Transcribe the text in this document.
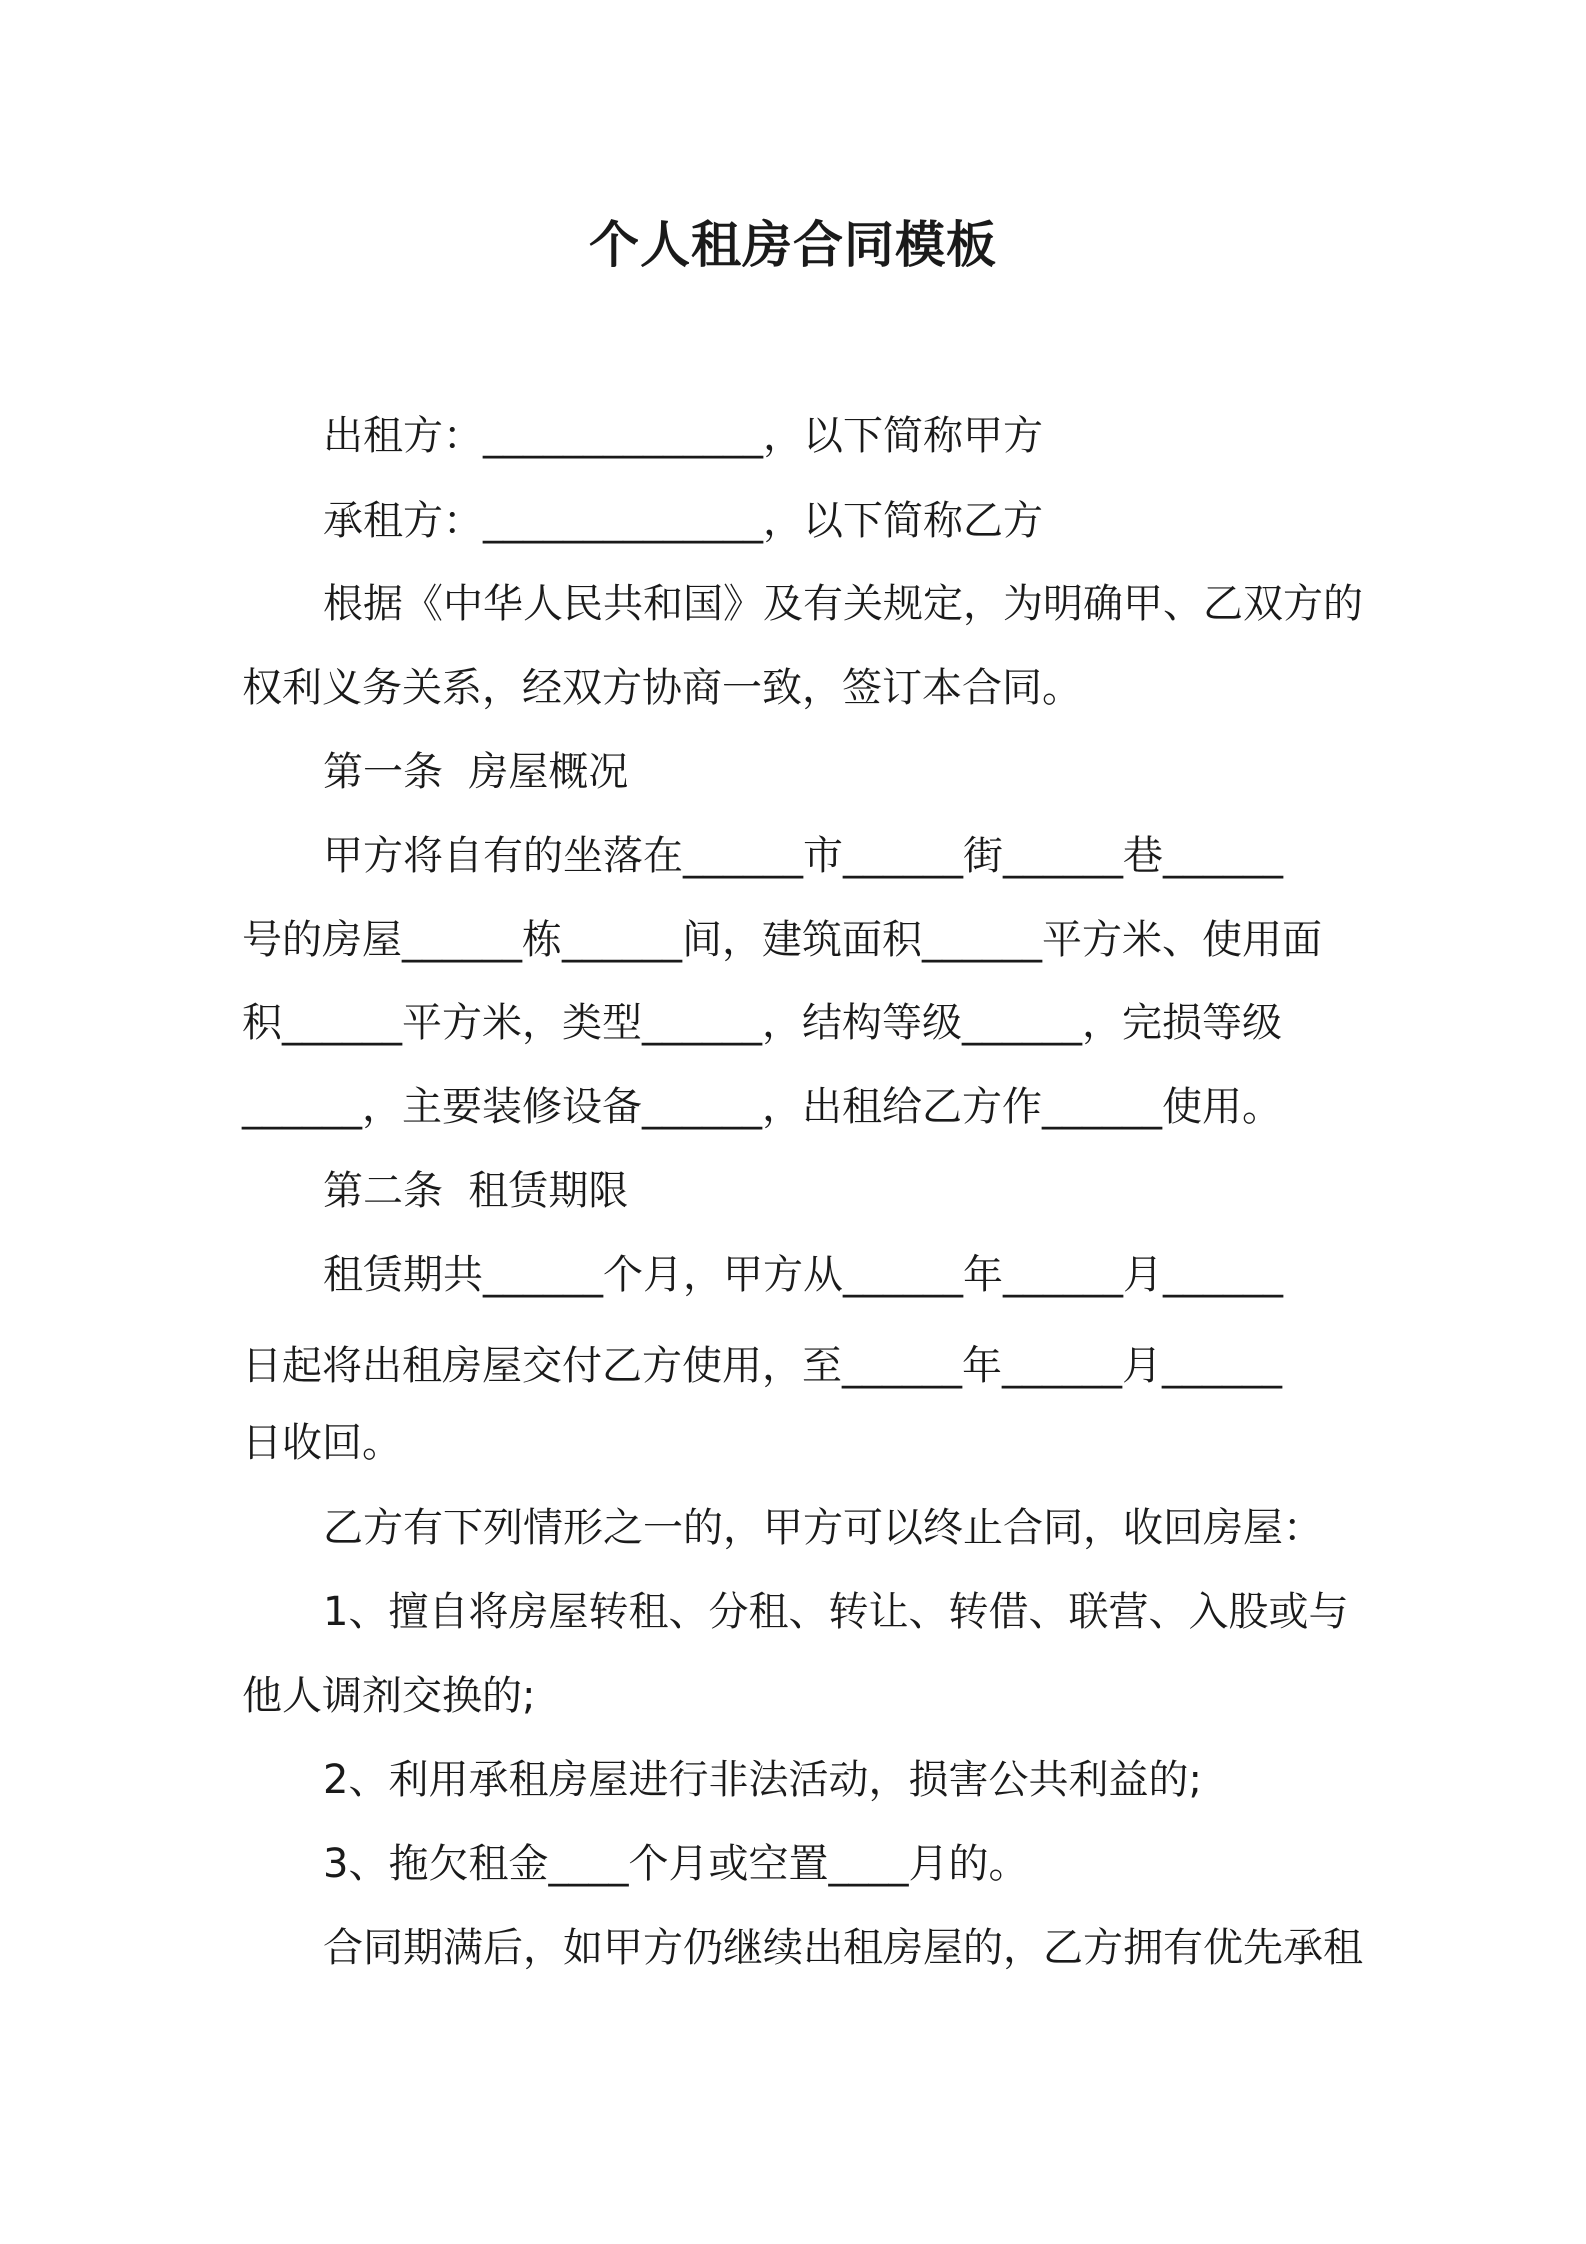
个人租房合同模板

出租方：______________，以下简称甲方

承租方：______________，以下简称乙方

根据《中华人民共和国》及有关规定，为明确甲、乙双方的

权利义务关系，经双方协商一致，签订本合同。

第一条  房屋概况

甲方将自有的坐落在______市______街______巷______

号的房屋______栋______间，建筑面积______平方米、使用面

积______平方米，类型______，结构等级______，完损等级

______，主要装修设备______，出租给乙方作______使用。

第二条  租赁期限

租赁期共______个月，甲方从______年______月______

日起将出租房屋交付乙方使用，至______年______月______

日收回。

乙方有下列情形之一的，甲方可以终止合同，收回房屋：

1、擅自将房屋转租、分租、转让、转借、联营、入股或与

他人调剂交换的;

2、利用承租房屋进行非法活动，损害公共利益的;

3、拖欠租金____个月或空置____月的。

合同期满后，如甲方仍继续出租房屋的，乙方拥有优先承租
